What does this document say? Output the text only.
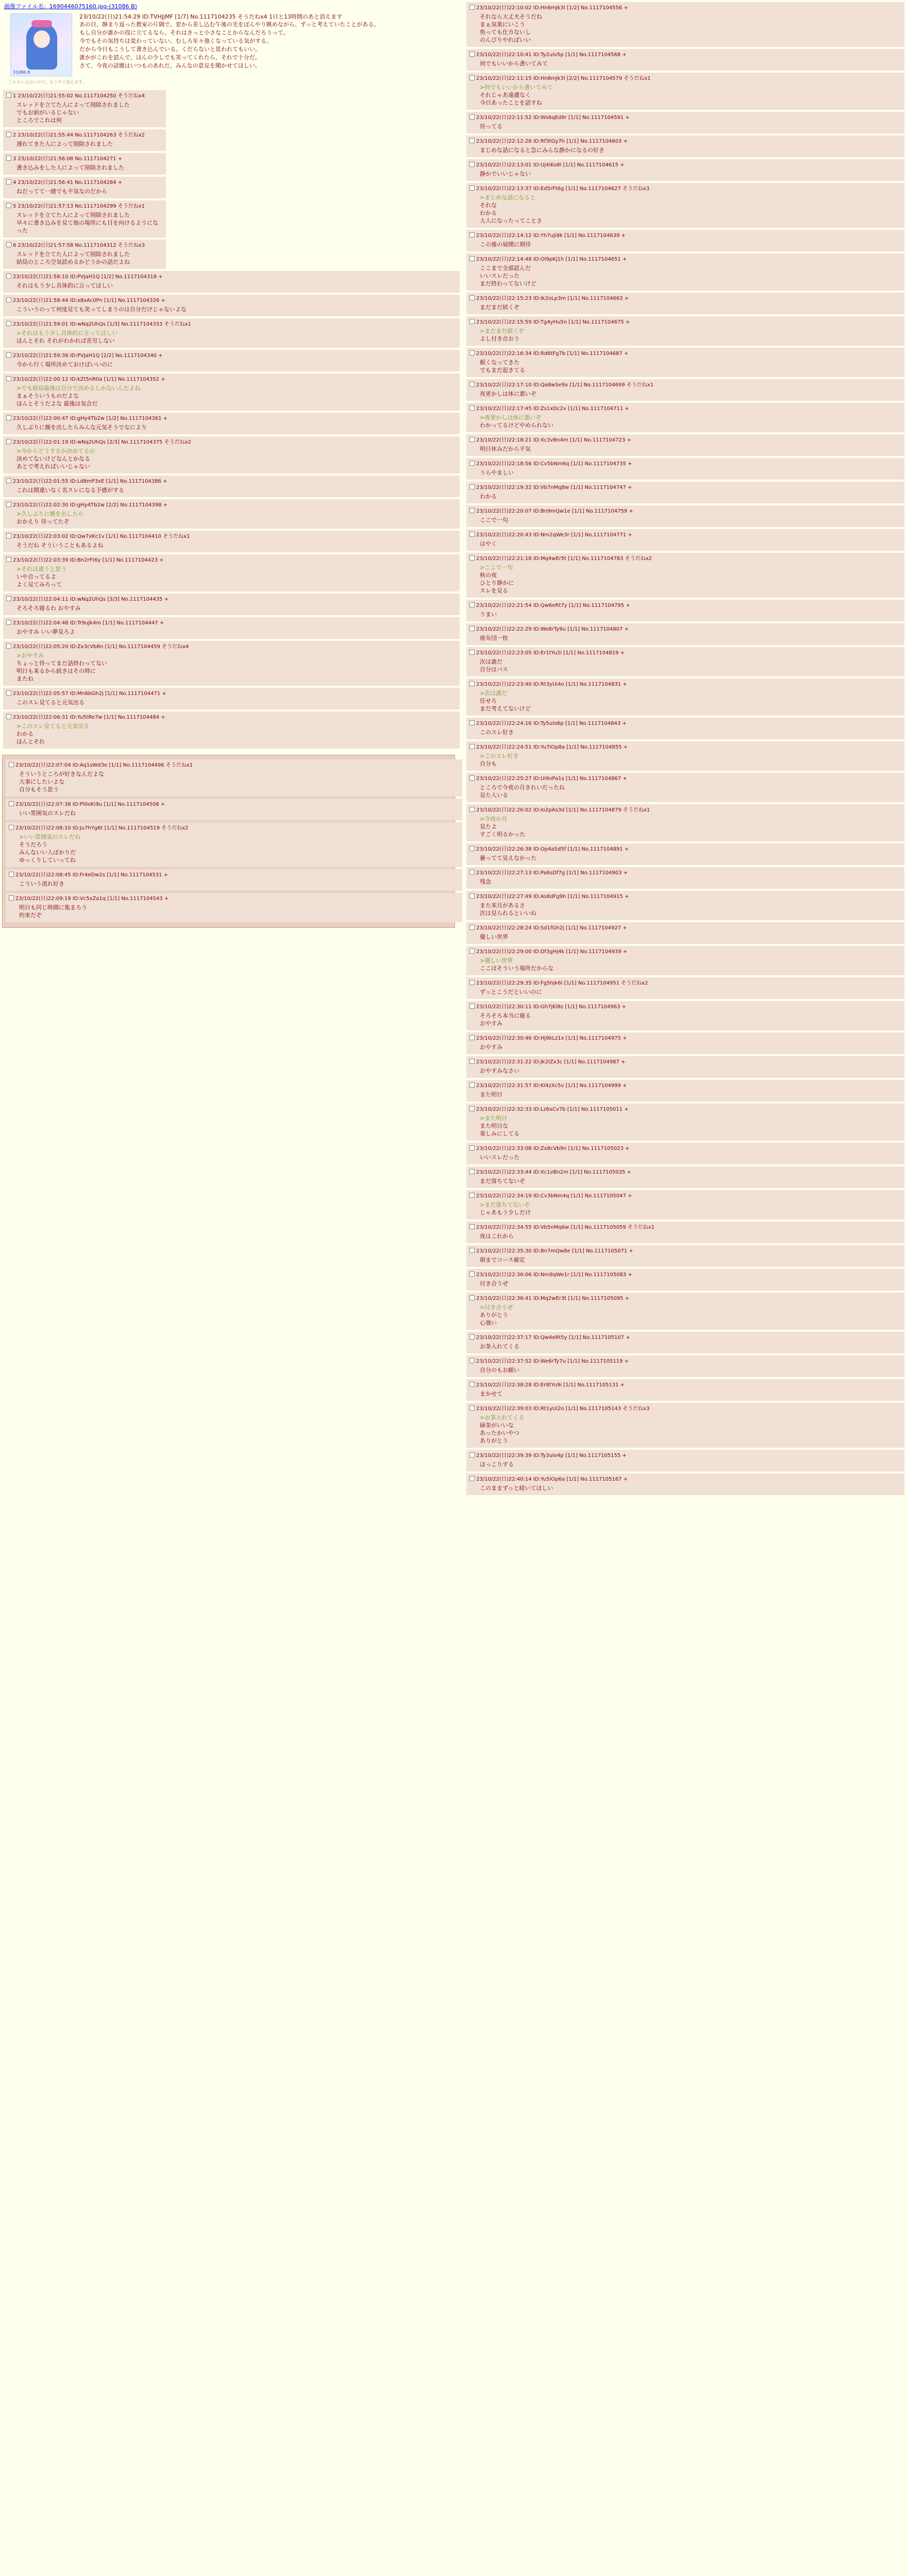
画像ファイル名：1690446075160.jpg-(31086 B)
31086 B
23/10/22(日)21:54:29 ID:TVHJjMF [1/7] No.1117104235 そうだねx4 1日と13時間のあと消えます
あの日、静まり返った教室の片隅で、窓から差し込む午後の光をぼんやり眺めながら、ずっと考えていたことがある。
もし自分が誰かの役に立てるなら、それはきっと小さなことからなんだろうって。
今でもその気持ちは変わっていない。むしろ年々強くなっている気がする。
だから今日もこうして書き込んでいる。くだらないと思われてもいい。
誰かがこれを読んで、ほんの少しでも笑ってくれたら、それで十分だ。
さて、今夜の話題はいつものあれだ。みんなの意見を聞かせてほしい。
このスレは古いので、もうすぐ消えます。
1 23/10/22(日)21:55:02 No.1117104250 そうだねx4
スレッドを立てた人によって削除されました
でもお前がいるじゃない
ところでこれは何
2 23/10/22(日)21:55:44 No.1117104263 そうだねx2
遅れてきた人によって削除されました
3 23/10/22(日)21:56:08 No.1117104271 +
書き込みをした人によって削除されました
4 23/10/22(日)21:56:41 No.1117104284 +
ねだってて一緒でも平気なのだから
5 23/10/22(日)21:57:13 No.1117104299 そうだねx1
スレッドを立てた人によって削除されました
早々に書き込みを見て他の場所にも目を向けるようになった
6 23/10/22(日)21:57:58 No.1117104312 そうだねx3
スレッドを立てた人によって削除されました
結局のところ空気読めるかどうかの話だよね
23/10/22(日)21:58:10 ID:PVJaH1Q [1/2] No.1117104318 +
それはもう少し具体的に言ってほしい
23/10/22(日)21:58:44 ID:x8xAc0Pn [1/1] No.1117104326 +
こういうのって何度見ても笑ってしまうのは自分だけじゃないよな
23/10/22(日)21:59:01 ID:wNq2UhQs [1/3] No.1117104333 そうだねx1
>それはもう少し具体的に言ってほしい
ほんとそれ それがわかれば苦労しない
23/10/22(日)21:59:36 ID:PVJaH1Q [2/2] No.1117104340 +
今から行く場所決めておけばいいのに
23/10/22(日)22:00:12 ID:kZt5nR0a [1/1] No.1117104352 +
>でも結局最後は自分で決めるしかないんだよね
まぁそういうものだよな
ほんとそうだよな 最後は気合だ
23/10/22(日)22:00:47 ID:gHy4Tb2w [1/2] No.1117104361 +
久しぶりに顔を出したらみんな元気そうでなにより
23/10/22(日)22:01:19 ID:wNq2UhQs [2/3] No.1117104375 そうだねx2
>今からどうするか決めてるの
決めてないけどなんとかなる
あとで考えればいいじゃない
23/10/22(日)22:01:55 ID:Ld8mP3xE [1/1] No.1117104386 +
これは間違いなく名スレになる予感がする
23/10/22(日)22:02:30 ID:gHy4Tb2w [2/2] No.1117104398 +
>久しぶりに顔を出したら
おかえり 待ってたぞ
23/10/22(日)22:03:02 ID:Qw7xKc1v [1/1] No.1117104410 そうだねx1
そうだね そういうこともあるよね
23/10/22(日)22:03:39 ID:Bn2rFt6y [1/1] No.1117104423 +
>それは違うと思う
いや合ってるよ
よく見てみろって
23/10/22(日)22:04:11 ID:wNq2UhQs [3/3] No.1117104435 +
そろそろ寝るわ おやすみ
23/10/22(日)22:04:48 ID:Tr9uJk4m [1/1] No.1117104447 +
おやすみ いい夢見ろよ
23/10/22(日)22:05:20 ID:Zx3cVb8n [1/1] No.1117104459 そうだねx4
>おやすみ
ちょっと待ってまだ話終わってない
明日も来るから続きはその時に
またね
23/10/22(日)22:05:57 ID:Mn6bGh2j [1/1] No.1117104471 +
このスレ見てると元気出る
23/10/22(日)22:06:31 ID:Yu5tRe7w [1/1] No.1117104484 +
>このスレ見てると元気出る
わかる
ほんとそれ
23/10/22(日)22:07:04 ID:Aq1sWd3e [1/1] No.1117104496 そうだねx1
そういうところが好きなんだよな
大事にしたいよな
自分もそう思う
23/10/22(日)22:07:38 ID:Pl0oKi9u [1/1] No.1117104508 +
いい雰囲気のスレだね
23/10/22(日)22:08:10 ID:Ju7hYg6t [1/1] No.1117104519 そうだねx2
>いい雰囲気のスレだね
そうだろう
みんないい人ばかりだ
ゆっくりしていってね
23/10/22(日)22:08:45 ID:Fr4eDw2s [1/1] No.1117104531 +
こういう流れ好き
23/10/22(日)22:09:19 ID:Vc5xZa1q [1/1] No.1117104543 +
明日も同じ時間に集まろう
約束だぞ
23/10/22(日)22:10:02 ID:Hn8mJk3l [1/2] No.1117104556 +
それなら大丈夫そうだね
まぁ気楽にいこう
焦っても仕方ないし
のんびりやればいい
23/10/22(日)22:10:41 ID:Ty2uIo5p [1/1] No.1117104568 +
何でもいいから書いてみて
23/10/22(日)22:11:15 ID:Hn8mJk3l [2/2] No.1117104579 そうだねx1
>何でもいいから書いてみて
それじゃあ遠慮なく
今日あったことを話すね
23/10/22(日)22:11:52 ID:Ws6qEd9r [1/1] No.1117104591 +
待ってる
23/10/22(日)22:12:26 ID:Rf3tGy7h [1/1] No.1117104603 +
まじめな話になると急にみんな静かになるの好き
23/10/22(日)22:13:01 ID:Uj4iKo8l [1/1] No.1117104615 +
静かでいいじゃない
23/10/22(日)22:13:37 ID:Ed5rFt6g [1/1] No.1117104627 そうだねx3
>まじめな話になると
それな
わかる
大人になったってことさ
23/10/22(日)22:14:12 ID:Yh7uJi8k [1/1] No.1117104639 +
この後の展開に期待
23/10/22(日)22:14:48 ID:Ol9pKj1h [1/1] No.1117104651 +
ここまで全部読んだ
いいスレだった
まだ終わってないけど
23/10/22(日)22:15:23 ID:Ik2oLp3m [1/1] No.1117104663 +
まだまだ続くぞ
23/10/22(日)22:15:59 ID:Tg4yHu5n [1/1] No.1117104675 +
>まだまだ続くぞ
よし付き合おう
23/10/22(日)22:16:34 ID:Rd6tFg7b [1/1] No.1117104687 +
眠くなってきた
でもまだ起きてる
23/10/22(日)22:17:10 ID:Qa8wSe9x [1/1] No.1117104699 そうだねx1
夜更かしは体に悪いぞ
23/10/22(日)22:17:45 ID:Zs1xDc2v [1/1] No.1117104711 +
>夜更かしは体に悪いぞ
わかってるけどやめられない
23/10/22(日)22:18:21 ID:Xc3vBn4m [1/1] No.1117104723 +
明日休みだから平気
23/10/22(日)22:18:56 ID:Cv5bNm6q [1/1] No.1117104735 +
うらやましい
23/10/22(日)22:19:32 ID:Vb7nMq8w [1/1] No.1117104747 +
わかる
23/10/22(日)22:20:07 ID:Bn9mQw1e [1/1] No.1117104759 +
ここで一句
23/10/22(日)22:20:43 ID:Nm2qWe3r [1/1] No.1117104771 +
はやく
23/10/22(日)22:21:18 ID:Mq4wEr5t [1/1] No.1117104783 そうだねx2
>ここで一句
秋の夜
ひとり静かに
スレを見る
23/10/22(日)22:21:54 ID:Qw6eRt7y [1/1] No.1117104795 +
うまい
23/10/22(日)22:22:29 ID:We8rTy9u [1/1] No.1117104807 +
座布団一枚
23/10/22(日)22:23:05 ID:Er1tYu2i [1/1] No.1117104819 +
次は誰だ
自分はパス
23/10/22(日)22:23:40 ID:Rt3yUi4o [1/1] No.1117104831 +
>次は誰だ
任せろ
まだ考えてないけど
23/10/22(日)22:24:16 ID:Ty5uIo6p [1/1] No.1117104843 +
このスレ好き
23/10/22(日)22:24:51 ID:Yu7iOp8a [1/1] No.1117104855 +
>このスレ好き
自分も
23/10/22(日)22:25:27 ID:Ui9oPa1s [1/1] No.1117104867 +
ところで今夜の月きれいだったね
見た人いる
23/10/22(日)22:26:02 ID:Io2pAs3d [1/1] No.1117104879 そうだねx1
>今夜の月
見たよ
すごく明るかった
23/10/22(日)22:26:38 ID:Op4aSd5f [1/1] No.1117104891 +
曇ってて見えなかった
23/10/22(日)22:27:13 ID:Pa6sDf7g [1/1] No.1117104903 +
残念
23/10/22(日)22:27:49 ID:As8dFg9h [1/1] No.1117104915 +
また来月があるさ
次は見られるといいね
23/10/22(日)22:28:24 ID:Sd1fGh2j [1/1] No.1117104927 +
優しい世界
23/10/22(日)22:29:00 ID:Df3gHj4k [1/1] No.1117104939 +
>優しい世界
ここはそういう場所だからな
23/10/22(日)22:29:35 ID:Fg5hJk6l [1/1] No.1117104951 そうだねx2
ずっとこうだといいのに
23/10/22(日)22:30:11 ID:Gh7jKl8z [1/1] No.1117104963 +
そろそろ本当に寝る
おやすみ
23/10/22(日)22:30:46 ID:Hj9kLz1x [1/1] No.1117104975 +
おやすみ
23/10/22(日)22:31:22 ID:Jk2lZx3c [1/1] No.1117104987 +
おやすみなさい
23/10/22(日)22:31:57 ID:Kl4zXc5v [1/1] No.1117104999 +
また明日
23/10/22(日)22:32:33 ID:Lz6xCv7b [1/1] No.1117105011 +
>また明日
また明日な
楽しみにしてる
23/10/22(日)22:33:08 ID:Zx8cVb9n [1/1] No.1117105023 +
いいスレだった
23/10/22(日)22:33:44 ID:Xc1vBn2m [1/1] No.1117105035 +
まだ落ちてないぞ
23/10/22(日)22:34:19 ID:Cv3bNm4q [1/1] No.1117105047 +
>まだ落ちてないぞ
じゃあもう少しだけ
23/10/22(日)22:34:55 ID:Vb5nMq6w [1/1] No.1117105059 そうだねx1
夜はこれから
23/10/22(日)22:35:30 ID:Bn7mQw8e [1/1] No.1117105071 +
朝までコース確定
23/10/22(日)22:36:06 ID:Nm9qWe1r [1/1] No.1117105083 +
付き合うぜ
23/10/22(日)22:36:41 ID:Mq2wEr3t [1/1] No.1117105095 +
>付き合うぜ
ありがとう
心強い
23/10/22(日)22:37:17 ID:Qw4eRt5y [1/1] No.1117105107 +
お茶入れてくる
23/10/22(日)22:37:52 ID:We6rTy7u [1/1] No.1117105119 +
自分のもお願い
23/10/22(日)22:38:28 ID:Er8tYu9i [1/1] No.1117105131 +
まかせて
23/10/22(日)22:39:03 ID:Rt1yUi2o [1/1] No.1117105143 そうだねx3
>お茶入れてくる
緑茶がいいな
あったかいやつ
ありがとう
23/10/22(日)22:39:39 ID:Ty3uIo4p [1/1] No.1117105155 +
ほっこりする
23/10/22(日)22:40:14 ID:Yu5iOp6a [1/1] No.1117105167 +
このままずっと続いてほしい
